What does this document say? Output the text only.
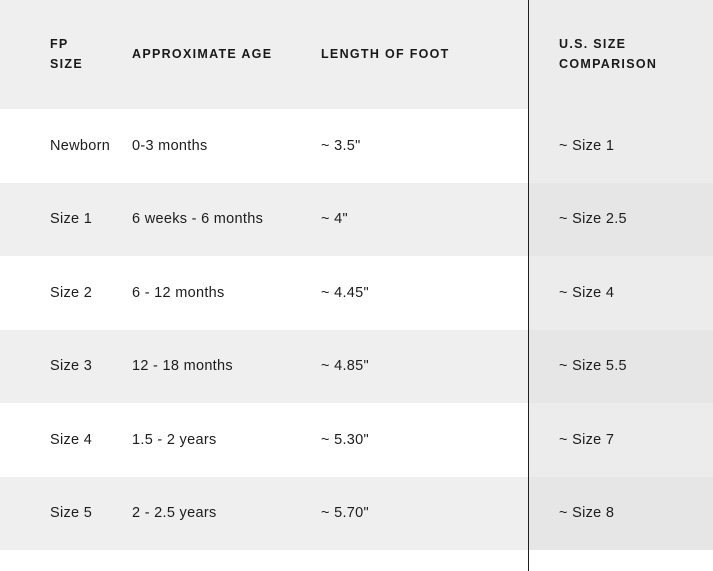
FP SIZE	APPROXIMATE AGE	LENGTH OF FOOT	U.S. SIZE COMPARISON
Newborn	0-3 months	~ 3.5"	~ Size 1
Size 1	6 weeks - 6 months	~ 4"	~ Size 2.5
Size 2	6 - 12 months	~ 4.45"	~ Size 4
Size 3	12 - 18 months	~ 4.85"	~ Size 5.5
Size 4	1.5 - 2 years	~ 5.30"	~ Size 7
Size 5	2 - 2.5 years	~ 5.70"	~ Size 8
